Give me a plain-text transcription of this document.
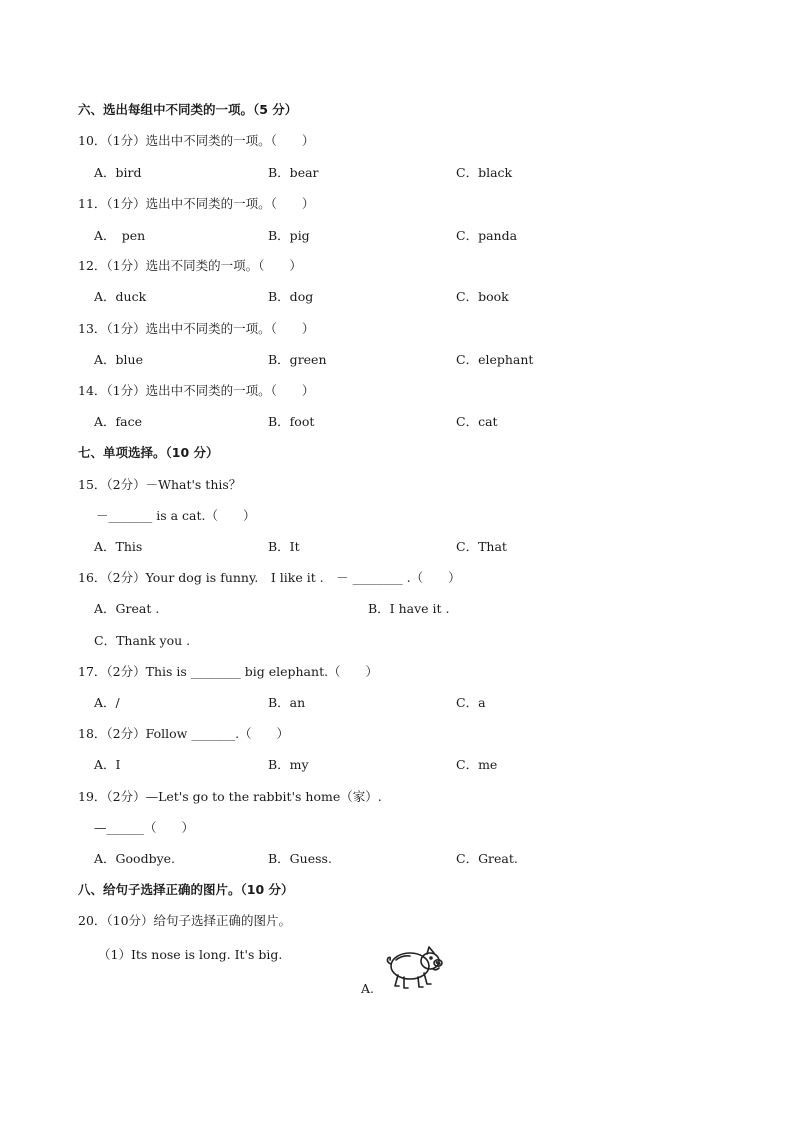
六、选出每组中不同类的一项。（5 分）
10．（1分）选出中不同类的一项。（　　）
A．bird	B．bear	C．black
11．（1分）选出中不同类的一项。（　　）
A．　pen	B．pig	C．panda
12．（1分）选出不同类的一项。（　　）
A．duck	B．dog	C．book
13．（1分）选出中不同类的一项。（　　）
A．blue	B．green	C．elephant
14．（1分）选出中不同类的一项。（　　）
A．face	B．foot	C．cat
七、单项选择。（10 分）
15．（2分）－What's this？
－_______ is a cat.（　　）
A．This	B．It	C．That
16．（2分）Your dog is funny.　I like it .　－ ________ .（　　）
A．Great .	B．I have it .
C．Thank you .
17．（2分）This is ________ big elephant.（　　）
A．/	B．an	C．a
18．（2分）Follow _______.（　　）
A．I	B．my	C．me
19．（2分）—Let's go to the rabbit's home（家）.
—______（　　）
A．Goodbye.	B．Guess.	C．Great.
八、给句子选择正确的图片。（10 分）
20．（10分）给句子选择正确的图片。
（1）Its nose is long. It's big.
A.
